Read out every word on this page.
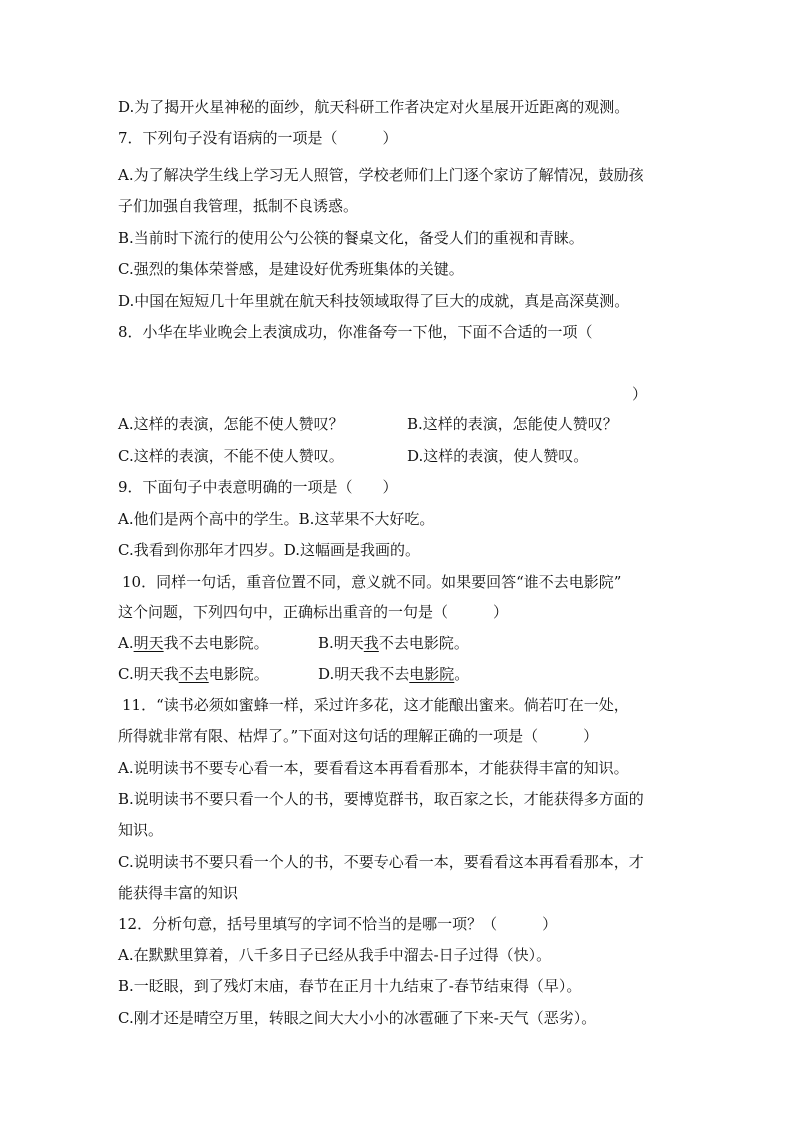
D.为了揭开火星神秘的面纱，航天科研工作者决定对火星展开近距离的观测。
7．下列句子没有语病的一项是（　　　）
A.为了解决学生线上学习无人照管，学校老师们上门逐个家访了解情况，鼓励孩
子们加强自我管理，抵制不良诱惑。
B.当前时下流行的使用公勺公筷的餐桌文化，备受人们的重视和青睐。
C.强烈的集体荣誉感，是建设好优秀班集体的关键。
D.中国在短短几十年里就在航天科技领域取得了巨大的成就，真是高深莫测。
8．小华在毕业晚会上表演成功，你准备夸一下他，下面不合适的一项（
）
A.这样的表演，怎能不使人赞叹？	B.这样的表演，怎能使人赞叹？
C.这样的表演，不能不使人赞叹。	D.这样的表演，使人赞叹。
9．下面句子中表意明确的一项是（　　）
A.他们是两个高中的学生。B.这苹果不大好吃。
C.我看到你那年才四岁。D.这幅画是我画的。
10．同样一句话，重音位置不同，意义就不同。如果要回答“谁不去电影院”
这个问题，下列四句中，正确标出重音的一句是（　　　）
A.明天我不去电影院。	B.明天我不去电影院。
C.明天我不去电影院。	D.明天我不去电影院。
11．“读书必须如蜜蜂一样，采过许多花，这才能酿出蜜来。倘若叮在一处，
所得就非常有限、枯焊了。”下面对这句话的理解正确的一项是（　　　）
A.说明读书不要专心看一本，要看看这本再看看那本，才能获得丰富的知识。
B.说明读书不要只看一个人的书，要博览群书，取百家之长，才能获得多方面的
知识。
C.说明读书不要只看一个人的书，不要专心看一本，要看看这本再看看那本，才
能获得丰富的知识
12．分析句意，括号里填写的字词不恰当的是哪一项？（　　　）
A.在默默里算着，八千多日子已经从我手中溜去-日子过得（快）。
B.一眨眼，到了残灯末庙，春节在正月十九结束了-春节结束得（早）。
C.刚才还是晴空万里，转眼之间大大小小的冰雹砸了下来-天气（恶劣）。
